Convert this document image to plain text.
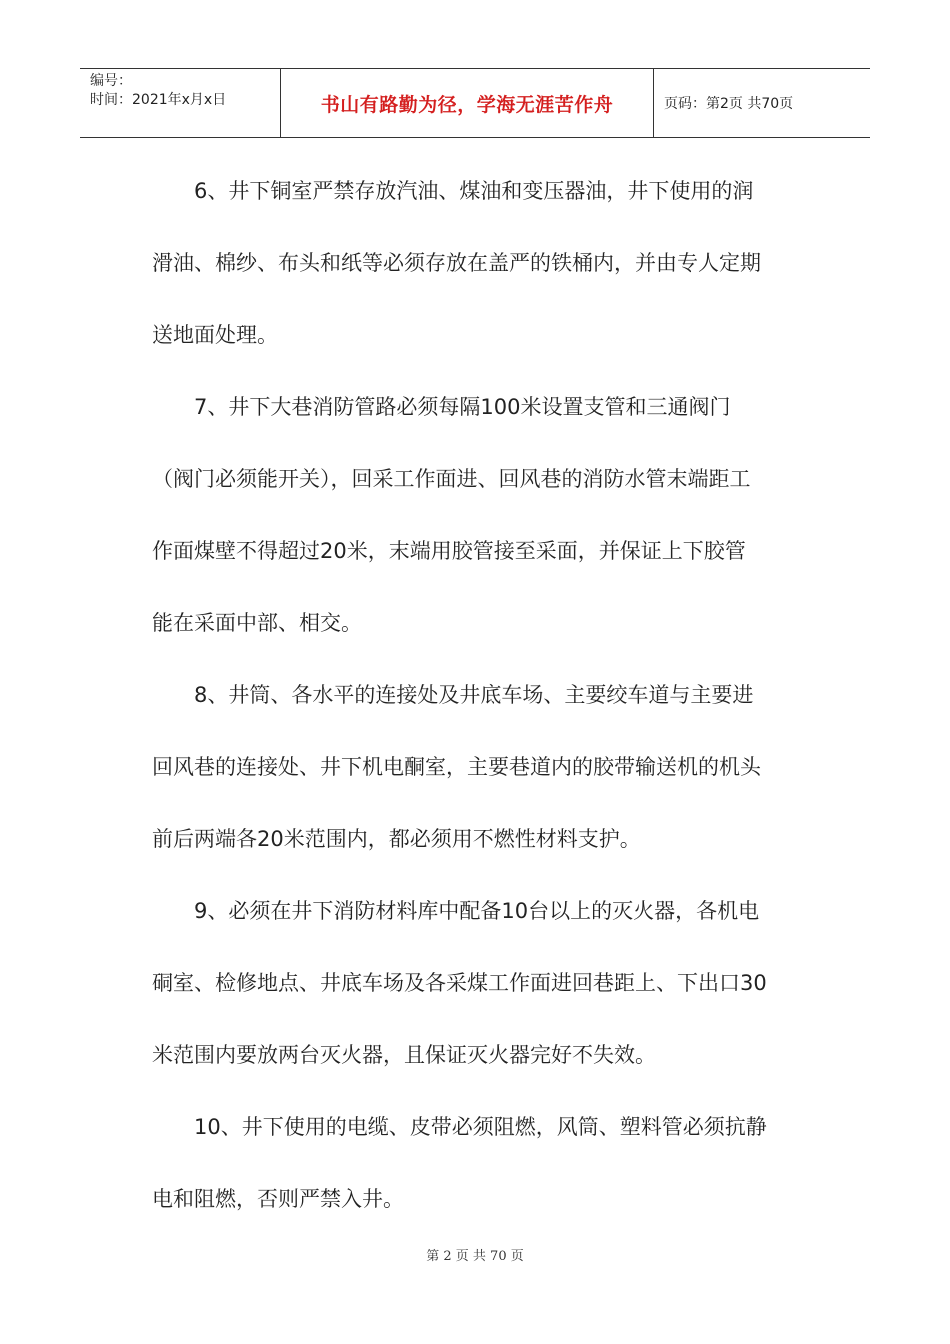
编号：
时间：2021年x月x日	书山有路勤为径，学海无涯苦作舟	页码：第2页 共70页

6、井下铜室严禁存放汽油、煤油和变压器油，井下使用的润

滑油、棉纱、布头和纸等必须存放在盖严的铁桶内，并由专人定期

送地面处理。

7、井下大巷消防管路必须每隔100米设置支管和三通阀门

（阀门必须能开关），回采工作面进、回风巷的消防水管末端距工

作面煤壁不得超过20米，末端用胶管接至采面，并保证上下胶管

能在采面中部、相交。

8、井筒、各水平的连接处及井底车场、主要绞车道与主要进

回风巷的连接处、井下机电酮室，主要巷道内的胶带输送机的机头

前后两端各20米范围内，都必须用不燃性材料支护。

9、必须在井下消防材料库中配备10台以上的灭火器，各机电

硐室、检修地点、井底车场及各采煤工作面进回巷距上、下出口30

米范围内要放两台灭火器，且保证灭火器完好不失效。

10、井下使用的电缆、皮带必须阻燃，风筒、塑料管必须抗静

电和阻燃，否则严禁入井。

第 2 页 共 70 页
